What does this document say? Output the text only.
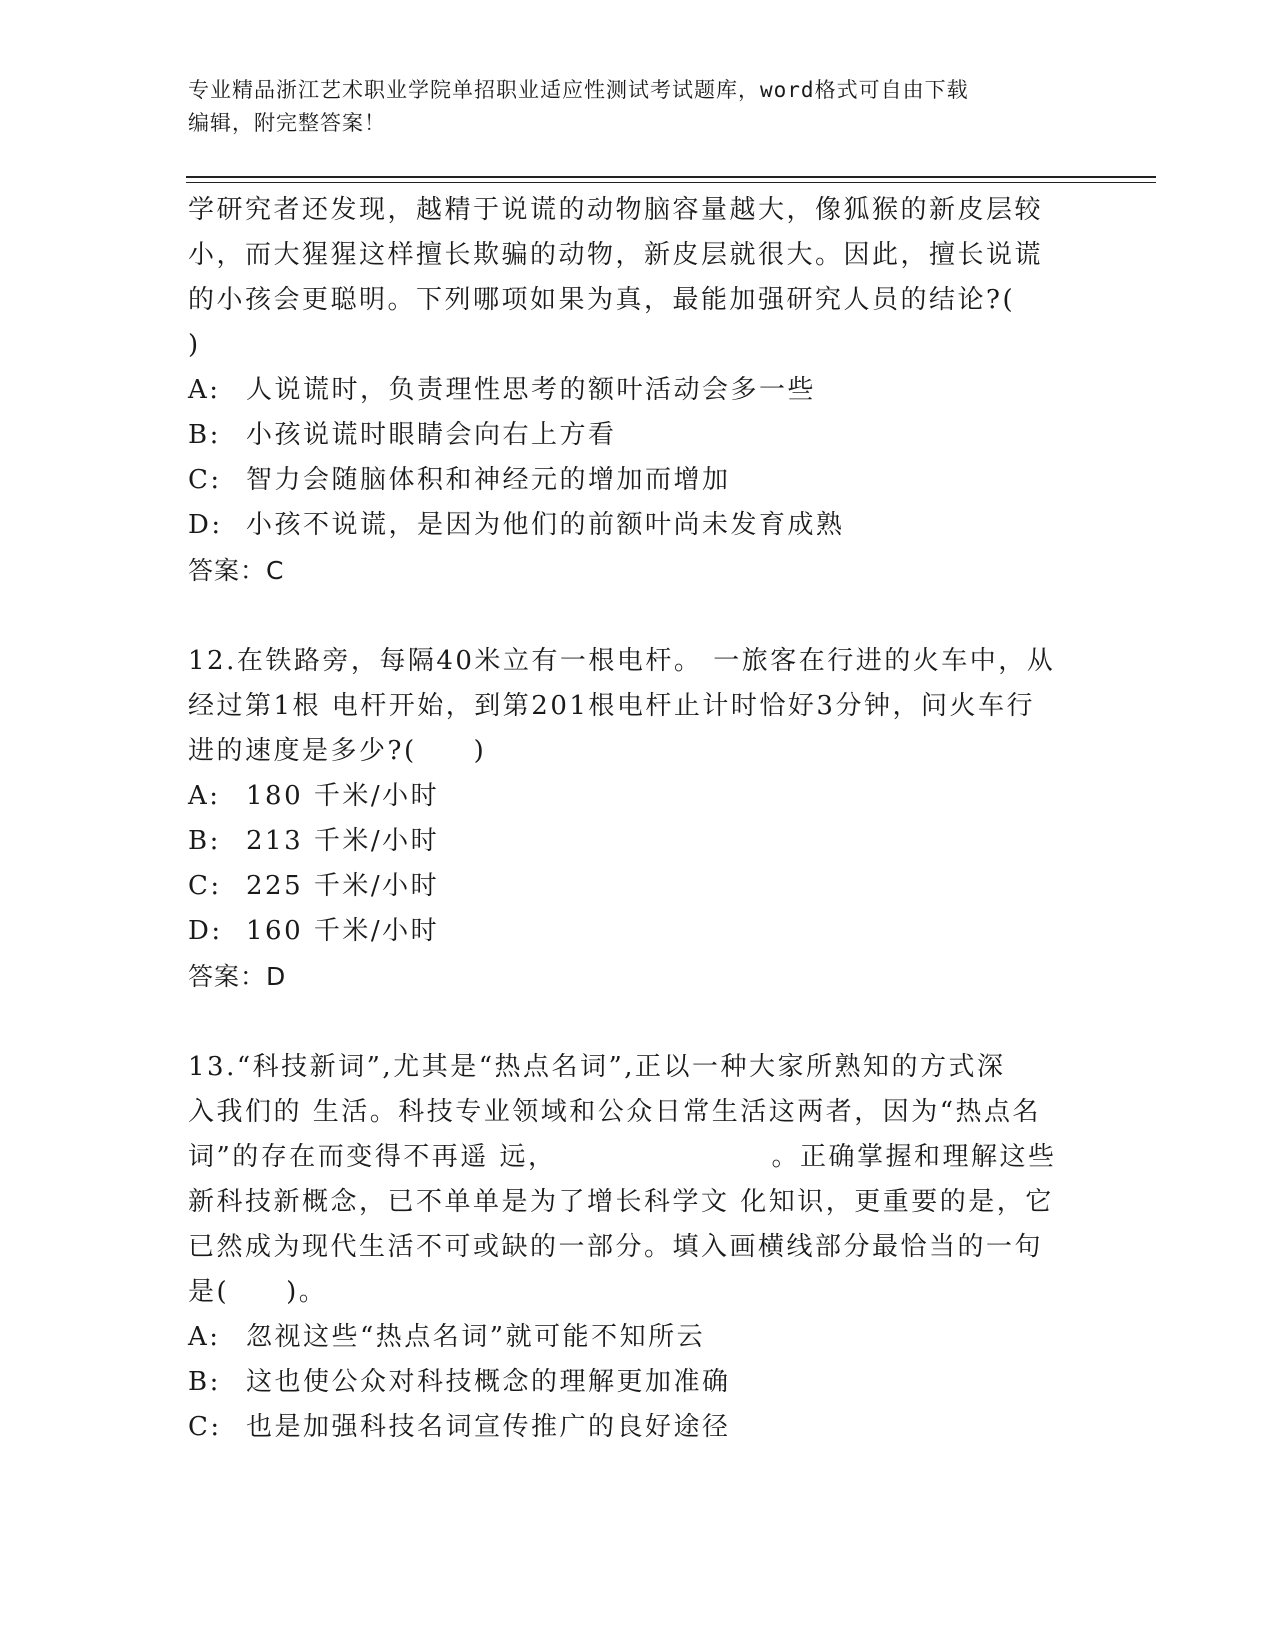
专业精品浙江艺术职业学院单招职业适应性测试考试题库，word格式可自由下载
编辑，附完整答案！

学研究者还发现，越精于说谎的动物脑容量越大，像狐猴的新皮层较

小，而大猩猩这样擅长欺骗的动物，新皮层就很大。因此，擅长说谎

的小孩会更聪明。下列哪项如果为真，最能加强研究人员的结论?(

)

A: 人说谎时，负责理性思考的额叶活动会多一些
B: 小孩说谎时眼睛会向右上方看
C: 智力会随脑体积和神经元的增加而增加
D: 小孩不说谎，是因为他们的前额叶尚未发育成熟
答案：C

12.在铁路旁，每隔40米立有一根电杆。 一旅客在行进的火车中，从

经过第1根 电杆开始，到第201根电杆止计时恰好3分钟，问火车行

进的速度是多少?(　　)

A: 180 千米/小时
B: 213 千米/小时
C: 225 千米/小时
D: 160 千米/小时
答案：D

13.“科技新词”,尤其是“热点名词”,正以一种大家所熟知的方式深

入我们的 生活。科技专业领域和公众日常生活这两者，因为“热点名

词”的存在而变得不再遥 远，　　　　　　　　。正确掌握和理解这些

新科技新概念，已不单单是为了增长科学文 化知识，更重要的是，它

已然成为现代生活不可或缺的一部分。填入画横线部分最恰当的一句

是(　　)。

A: 忽视这些“热点名词”就可能不知所云
B: 这也使公众对科技概念的理解更加准确
C: 也是加强科技名词宣传推广的良好途径
